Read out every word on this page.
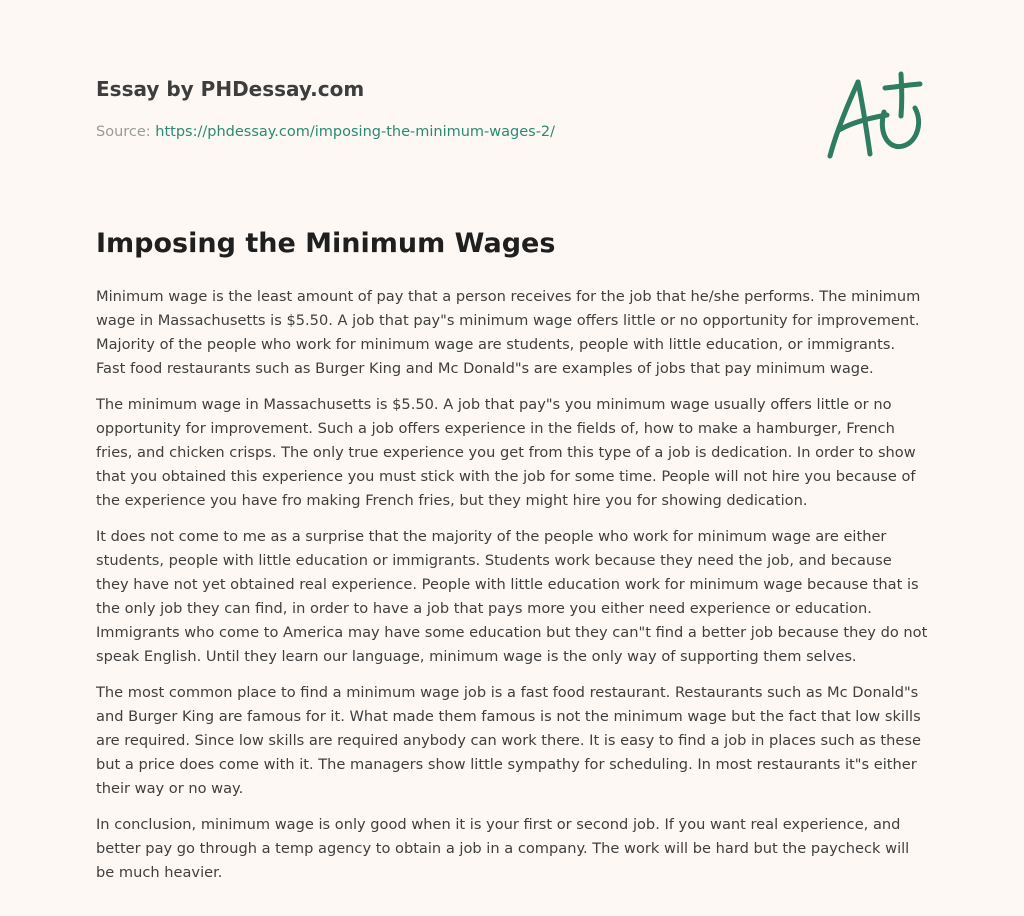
Essay by PHDessay.com
Source: https://phdessay.com/imposing-the-minimum-wages-2/
Imposing the Minimum Wages

Minimum wage is the least amount of pay that a person receives for the job that he/she performs. The minimum wage in Massachusetts is $5.50. A job that pay"s minimum wage offers little or no opportunity for improvement. Majority of the people who work for minimum wage are students, people with little education, or immigrants. Fast food restaurants such as Burger King and Mc Donald"s are examples of jobs that pay minimum wage.

The minimum wage in Massachusetts is $5.50. A job that pay"s you minimum wage usually offers little or no opportunity for improvement. Such a job offers experience in the fields of, how to make a hamburger, French fries, and chicken crisps. The only true experience you get from this type of a job is dedication. In order to show that you obtained this experience you must stick with the job for some time. People will not hire you because of the experience you have fro making French fries, but they might hire you for showing dedication.

It does not come to me as a surprise that the majority of the people who work for minimum wage are either students, people with little education or immigrants. Students work because they need the job, and because they have not yet obtained real experience. People with little education work for minimum wage because that is the only job they can find, in order to have a job that pays more you either need experience or education. Immigrants who come to America may have some education but they can"t find a better job because they do not speak English. Until they learn our language, minimum wage is the only way of supporting them selves.

The most common place to find a minimum wage job is a fast food restaurant. Restaurants such as Mc Donald"s and Burger King are famous for it. What made them famous is not the minimum wage but the fact that low skills are required. Since low skills are required anybody can work there. It is easy to find a job in places such as these but a price does come with it. The managers show little sympathy for scheduling. In most restaurants it"s either their way or no way.

In conclusion, minimum wage is only good when it is your first or second job. If you want real experience, and better pay go through a temp agency to obtain a job in a company. The work will be hard but the paycheck will be much heavier.
